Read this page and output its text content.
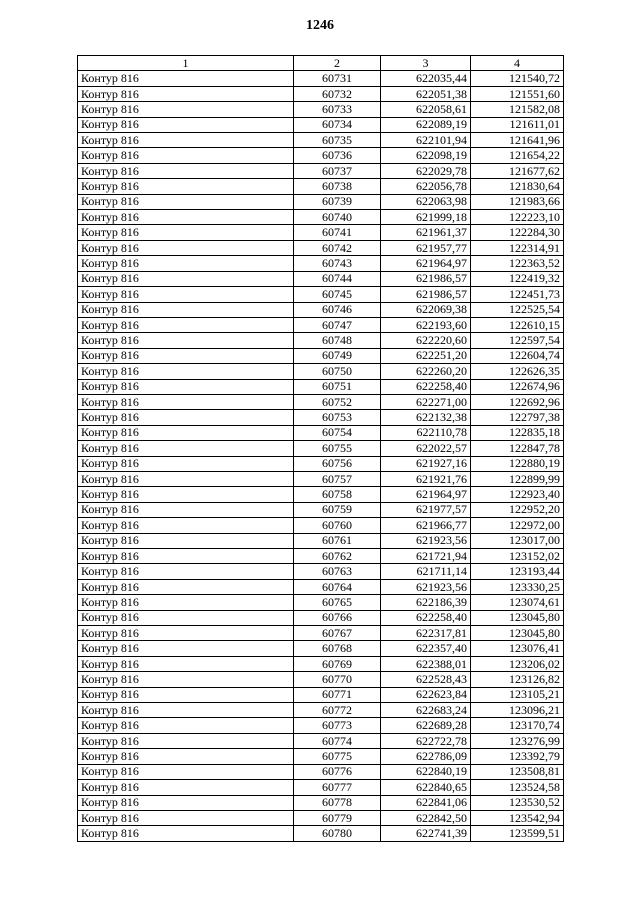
1246
1	2	3	4
Контур 816	60731	622035,44	121540,72
Контур 816	60732	622051,38	121551,60
Контур 816	60733	622058,61	121582,08
Контур 816	60734	622089,19	121611,01
Контур 816	60735	622101,94	121641,96
Контур 816	60736	622098,19	121654,22
Контур 816	60737	622029,78	121677,62
Контур 816	60738	622056,78	121830,64
Контур 816	60739	622063,98	121983,66
Контур 816	60740	621999,18	122223,10
Контур 816	60741	621961,37	122284,30
Контур 816	60742	621957,77	122314,91
Контур 816	60743	621964,97	122363,52
Контур 816	60744	621986,57	122419,32
Контур 816	60745	621986,57	122451,73
Контур 816	60746	622069,38	122525,54
Контур 816	60747	622193,60	122610,15
Контур 816	60748	622220,60	122597,54
Контур 816	60749	622251,20	122604,74
Контур 816	60750	622260,20	122626,35
Контур 816	60751	622258,40	122674,96
Контур 816	60752	622271,00	122692,96
Контур 816	60753	622132,38	122797,38
Контур 816	60754	622110,78	122835,18
Контур 816	60755	622022,57	122847,78
Контур 816	60756	621927,16	122880,19
Контур 816	60757	621921,76	122899,99
Контур 816	60758	621964,97	122923,40
Контур 816	60759	621977,57	122952,20
Контур 816	60760	621966,77	122972,00
Контур 816	60761	621923,56	123017,00
Контур 816	60762	621721,94	123152,02
Контур 816	60763	621711,14	123193,44
Контур 816	60764	621923,56	123330,25
Контур 816	60765	622186,39	123074,61
Контур 816	60766	622258,40	123045,80
Контур 816	60767	622317,81	123045,80
Контур 816	60768	622357,40	123076,41
Контур 816	60769	622388,01	123206,02
Контур 816	60770	622528,43	123126,82
Контур 816	60771	622623,84	123105,21
Контур 816	60772	622683,24	123096,21
Контур 816	60773	622689,28	123170,74
Контур 816	60774	622722,78	123276,99
Контур 816	60775	622786,09	123392,79
Контур 816	60776	622840,19	123508,81
Контур 816	60777	622840,65	123524,58
Контур 816	60778	622841,06	123530,52
Контур 816	60779	622842,50	123542,94
Контур 816	60780	622741,39	123599,51
